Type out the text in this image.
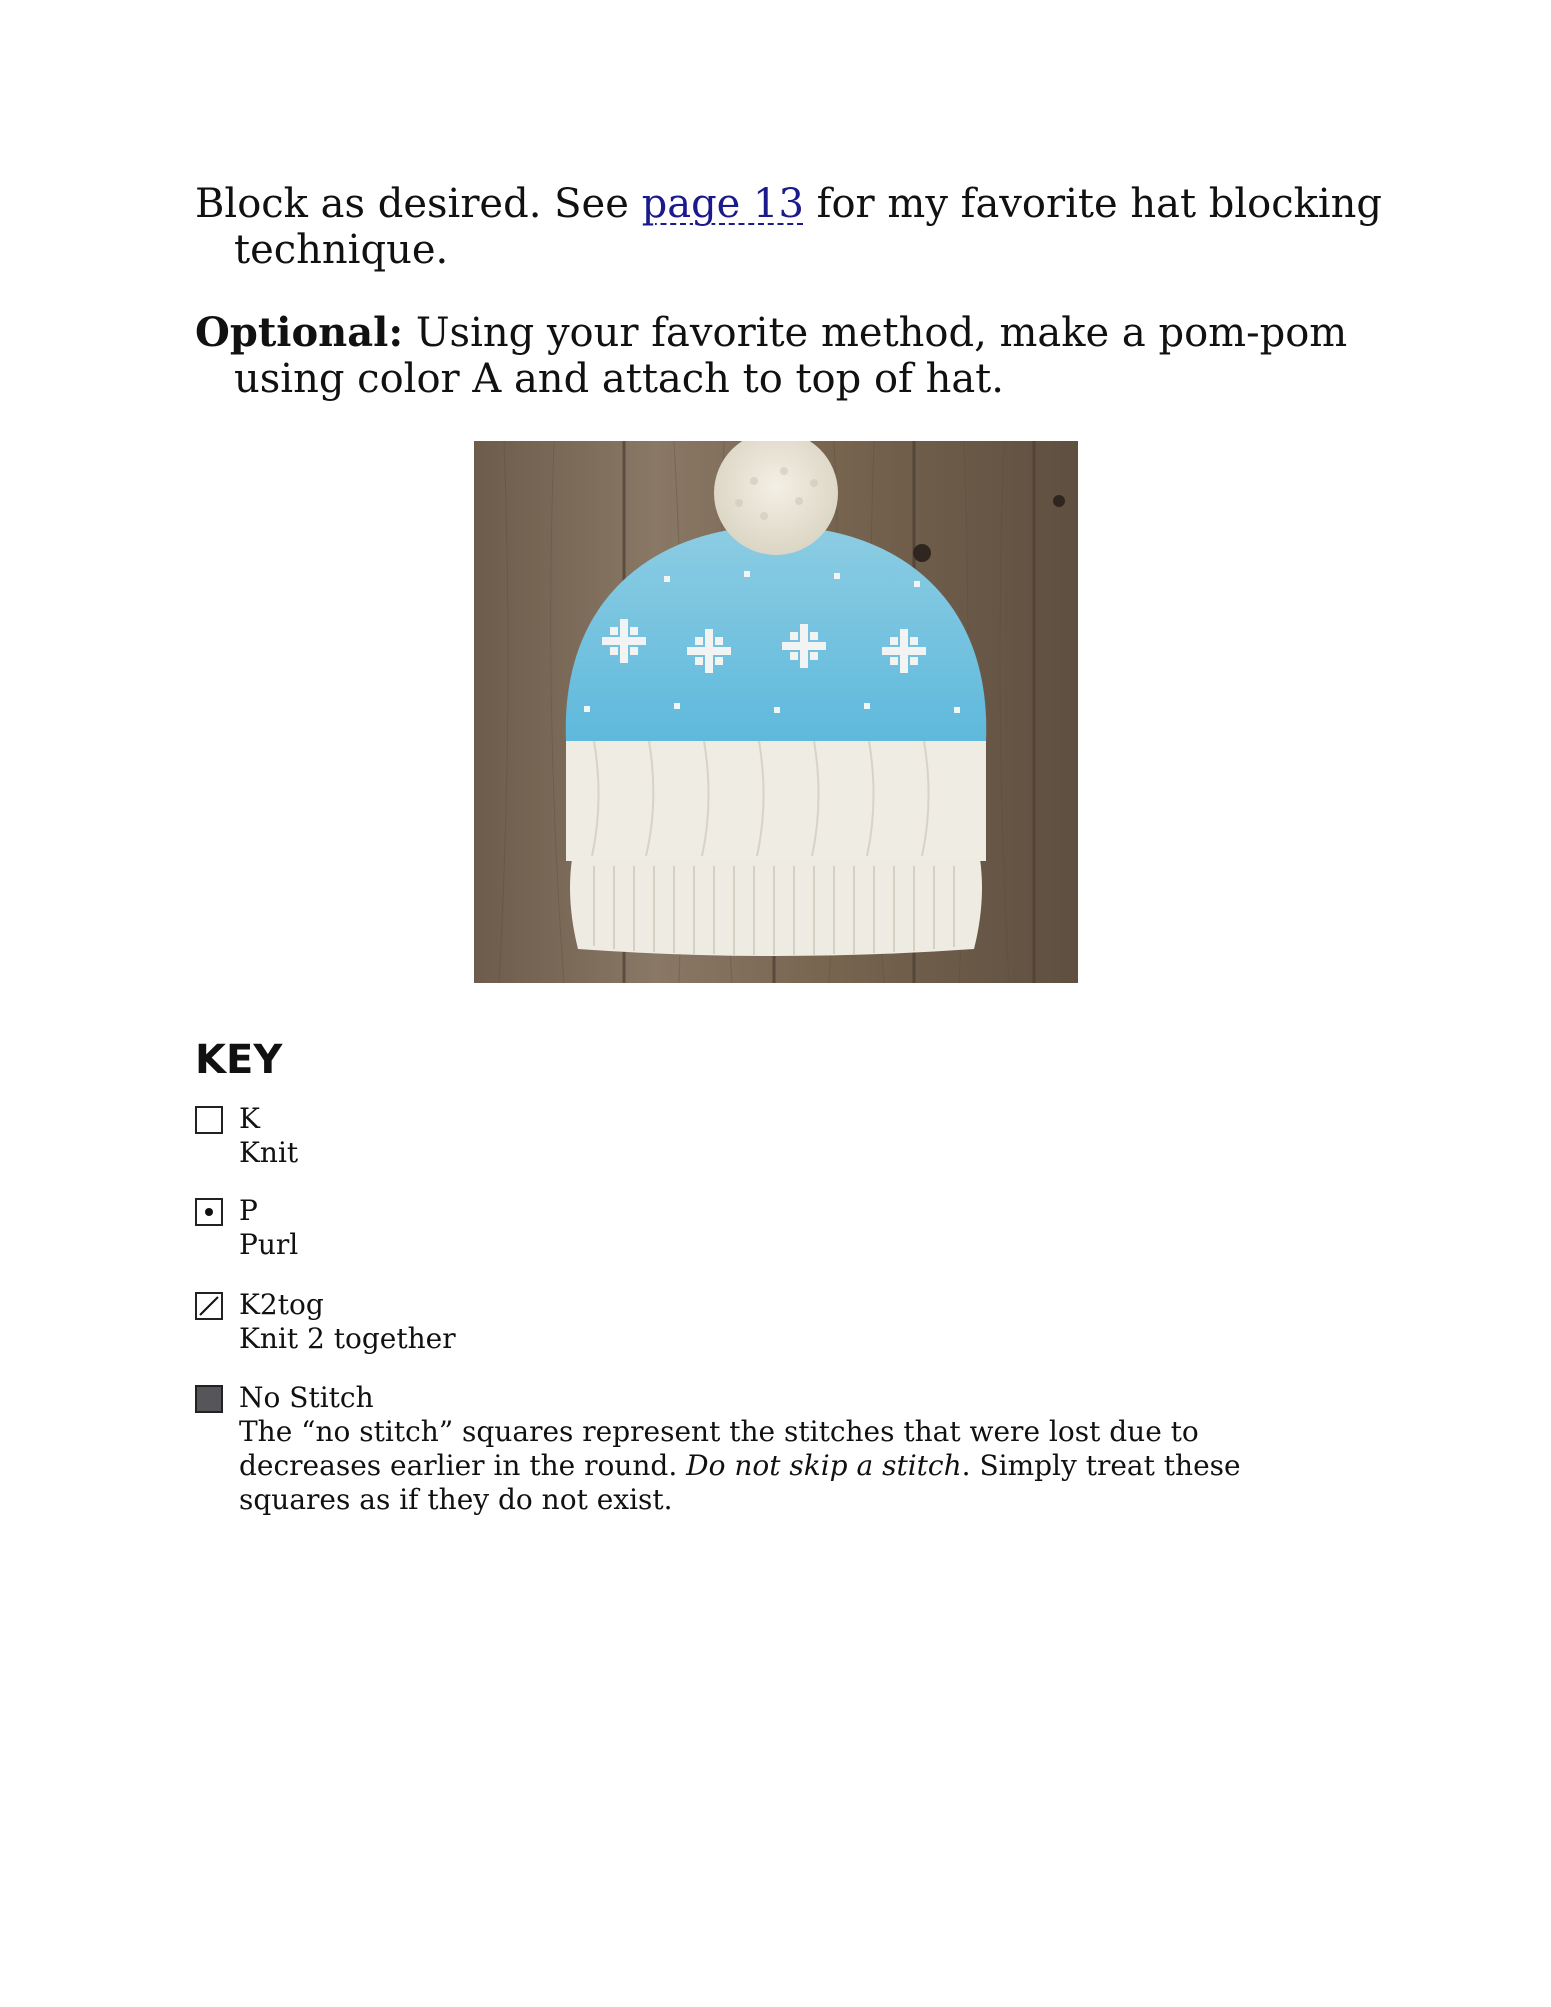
Block as desired. See page 13 for my favorite hat blocking technique.
Optional: Using your favorite method, make a pom-pom using color A and attach to top of hat.
KEY
K
Knit
P
Purl
K2tog
Knit 2 together
No Stitch
The “no stitch” squares represent the stitches that were lost due to decreases earlier in the round. Do not skip a stitch. Simply treat these squares as if they do not exist.
